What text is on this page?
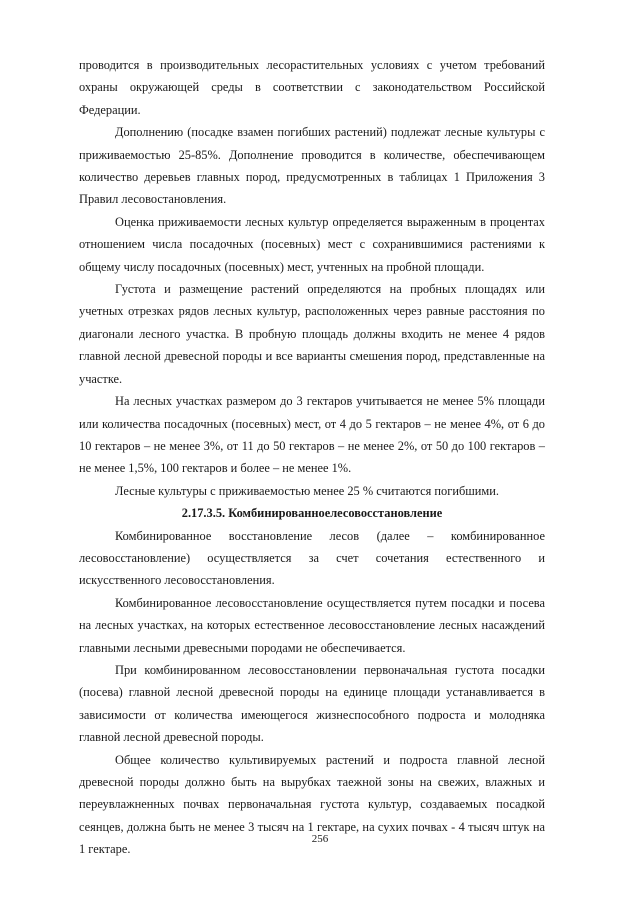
проводится в производительных лесорастительных условиях с учетом требований охраны окружающей среды в соответствии с законодательством Российской Федерации.

Дополнению (посадке взамен погибших растений) подлежат лесные культуры с приживаемостью 25-85%. Дополнение проводится в количестве, обеспечивающем количество деревьев главных пород, предусмотренных в таблицах 1 Приложения 3 Правил лесовостановления.

Оценка приживаемости лесных культур определяется выраженным в процентах отношением числа посадочных (посевных) мест с сохранившимися растениями к общему числу посадочных (посевных) мест, учтенных на пробной площади.

Густота и размещение растений определяются на пробных площадях или учетных отрезках рядов лесных культур, расположенных через равные расстояния по диагонали лесного участка. В пробную площадь должны входить не менее 4 рядов главной лесной древесной породы и все варианты смешения пород, представленные на участке.

На лесных участках размером до 3 гектаров учитывается не менее 5% площади или количества посадочных (посевных) мест, от 4 до 5 гектаров – не менее 4%, от 6 до 10 гектаров – не менее 3%, от 11 до 50 гектаров – не менее 2%, от 50 до 100 гектаров – не менее 1,5%, 100 гектаров и более – не менее 1%.

Лесные культуры с приживаемостью менее 25 % считаются погибшими.

2.17.3.5. Комбинированноелесовосстановление

Комбинированное восстановление лесов (далее – комбинированное лесовосстановление) осуществляется за счет сочетания естественного и искусственного лесовосстановления.

Комбинированное лесовосстановление осуществляется путем посадки и посева на лесных участках, на которых естественное лесовосстановление лесных насаждений главными лесными древесными породами не обеспечивается.

При комбинированном лесовосстановлении первоначальная густота посадки (посева) главной лесной древесной породы на единице площади устанавливается в зависимости от количества имеющегося жизнеспособного подроста и молодняка главной лесной древесной породы.

Общее количество культивируемых растений и подроста главной лесной древесной породы должно быть на вырубках таежной зоны на свежих, влажных и переувлажненных почвах первоначальная густота культур, создаваемых посадкой сеянцев, должна быть не менее 3 тысяч на 1 гектаре, на сухих почвах - 4 тысяч штук на 1 гектаре.

256
